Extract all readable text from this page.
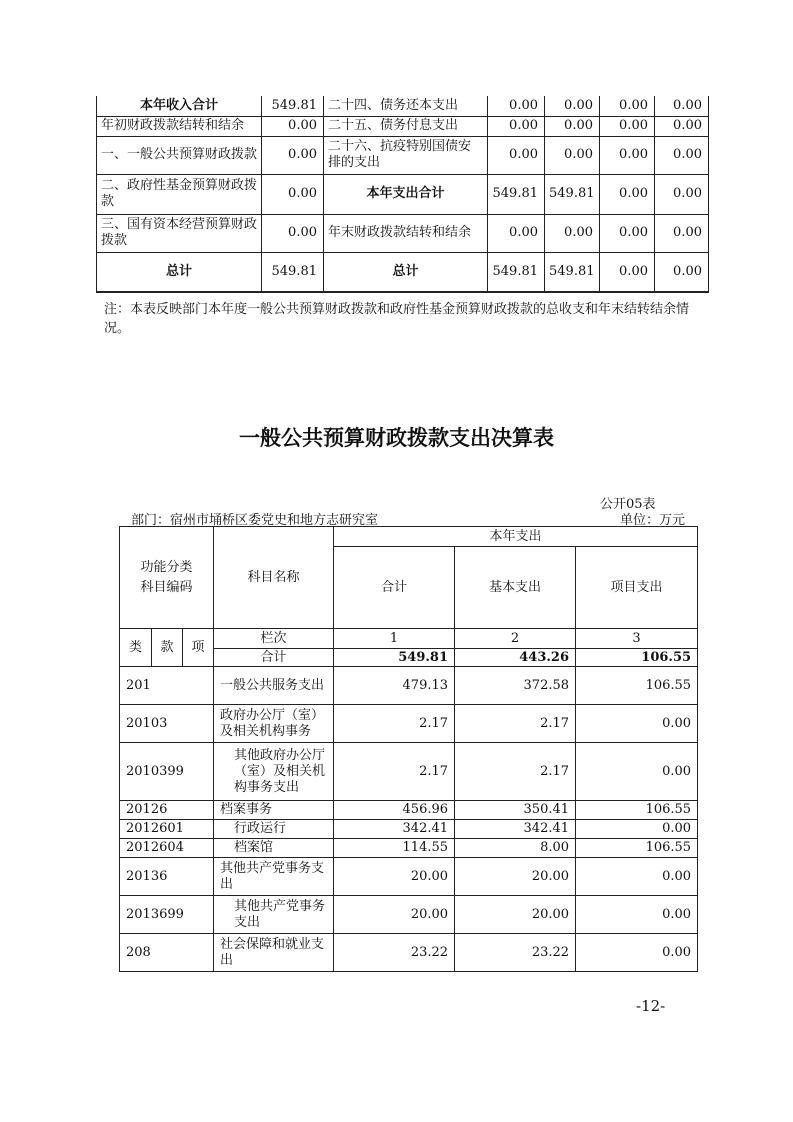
本年收入合计	549.81	二十四、债务还本支出	0.00	0.00	0.00	0.00
年初财政拨款结转和结余	0.00	二十五、债务付息支出	0.00	0.00	0.00	0.00
一、一般公共预算财政拨款	0.00	二十六、抗疫特别国债安排的支出	0.00	0.00	0.00	0.00
二、政府性基金预算财政拨款	0.00	本年支出合计	549.81	549.81	0.00	0.00
三、国有资本经营预算财政拨款	0.00	年末财政拨款结转和结余	0.00	0.00	0.00	0.00
总计	549.81	总计	549.81	549.81	0.00	0.00
注：本表反映部门本年度一般公共预算财政拨款和政府性基金预算财政拨款的总收支和年末结转结余情况。
一般公共预算财政拨款支出决算表
公开05表
部门：宿州市埇桥区委党史和地方志研究室	单位：万元
功能分类
科目编码			科目名称	本年支出		
				合计	基本支出	项目支出

类	款	项	栏次	1	2	3
			合计	549.81	443.26	106.55
201			一般公共服务支出	479.13	372.58	106.55
20103			政府办公厅（室）及相关机构事务	2.17	2.17	0.00
2010399			其他政府办公厅（室）及相关机构事务支出	2.17	2.17	0.00
20126			档案事务	456.96	350.41	106.55
2012601			行政运行	342.41	342.41	0.00
2012604			档案馆	114.55	8.00	106.55
20136			其他共产党事务支出	20.00	20.00	0.00
2013699			其他共产党事务支出	20.00	20.00	0.00
208			社会保障和就业支出	23.22	23.22	0.00
-12-
